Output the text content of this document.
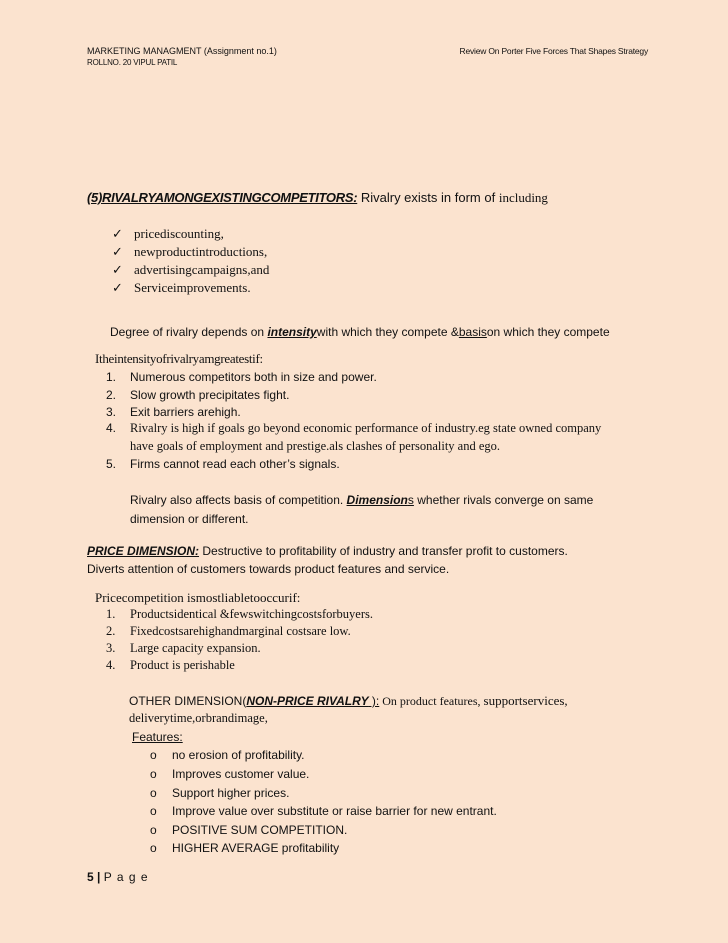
MARKETING MANAGMENT (Assignment no.1)	Review On Porter Five Forces That Shapes Strategy
ROLLNO. 20 VIPUL PATIL
(5)RIVALRYAMONGEXISTINGCOMPETITORS: Rivalry exists in form of including
✓ pricediscounting,
✓ newproductintroductions,
✓ advertisingcampaigns,and
✓ Serviceimprovements.
Degree of rivalry depends on intensitywith which they compete &basison which they compete
Itheintensityofrivalryamgreatestif:
1. Numerous competitors both in size and power.
2. Slow growth precipitates fight.
3. Exit barriers arehigh.
4. Rivalry is high if goals go beyond economic performance of industry.eg state owned company
have goals of employment and prestige.als clashes of personality and ego.
5. Firms cannot read each other’s signals.
Rivalry also affects basis of competition. Dimensions whether rivals converge on same
dimension or different.
PRICE DIMENSION: Destructive to profitability of industry and transfer profit to customers.
Diverts attention of customers towards product features and service.
Pricecompetition ismostliabletooccurif:
1. Productsidentical &fewswitchingcostsforbuyers.
2. Fixedcostsarehighandmarginal costsare low.
3. Large capacity expansion.
4. Product is perishable
OTHER DIMENSION(NON-PRICE RIVALRY ): On product features, supportservices,
deliverytime,orbrandimage,
Features:
o no erosion of profitability.
o Improves customer value.
o Support higher prices.
o Improve value over substitute or raise barrier for new entrant.
o POSITIVE SUM COMPETITION.
o HIGHER AVERAGE profitability
5 | P a g e
